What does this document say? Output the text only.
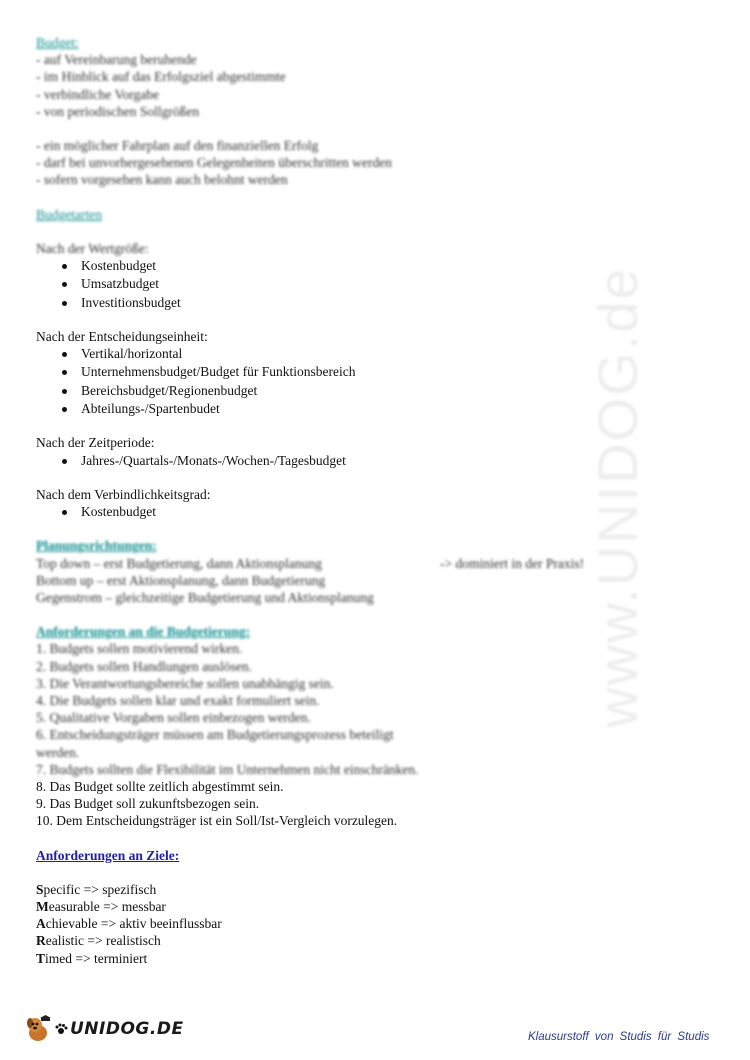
www.UNIDOG.de
Budget:
- auf Vereinbarung beruhende
- im Hinblick auf das Erfolgsziel abgestimmte
- verbindliche Vorgabe
- von periodischen Sollgrößen
- ein möglicher Fahrplan auf den finanziellen Erfolg
- darf bei unvorhergesehenen Gelegenheiten überschritten werden
- sofern vorgesehen kann auch belohnt werden
Budgetarten
Nach der Wertgröße:
Kostenbudget
Umsatzbudget
Investitionsbudget
Nach der Entscheidungseinheit:
Vertikal/horizontal
Unternehmensbudget/Budget für Funktionsbereich
Bereichsbudget/Regionenbudget
Abteilungs-/Spartenbudet
Nach der Zeitperiode:
Jahres-/Quartals-/Monats-/Wochen-/Tagesbudget
Nach dem Verbindlichkeitsgrad:
Kostenbudget
Planungsrichtungen:
Top down – erst Budgetierung, dann Aktionsplanung	-> dominiert in der Praxis!
Bottom up – erst Aktionsplanung, dann Budgetierung
Gegenstrom – gleichzeitige Budgetierung und Aktionsplanung
Anforderungen an die Budgetierung:
1. Budgets sollen motivierend wirken.
2. Budgets sollen Handlungen auslösen.
3. Die Verantwortungsbereiche sollen unabhängig sein.
4. Die Budgets sollen klar und exakt formuliert sein.
5. Qualitative Vorgaben sollen einbezogen werden.
6. Entscheidungsträger müssen am Budgetierungsprozess beteiligt
werden.
7. Budgets sollten die Flexibilität im Unternehmen nicht einschränken.
8. Das Budget sollte zeitlich abgestimmt sein.
9. Das Budget soll zukunftsbezogen sein.
10. Dem Entscheidungsträger ist ein Soll/Ist-Vergleich vorzulegen.
Anforderungen an Ziele:
Specific => spezifisch
Measurable => messbar
Achievable => aktiv beeinflussbar
Realistic => realistisch
Timed => terminiert
UNIDOG.DE	Klausurstoff von Studis für Studis
